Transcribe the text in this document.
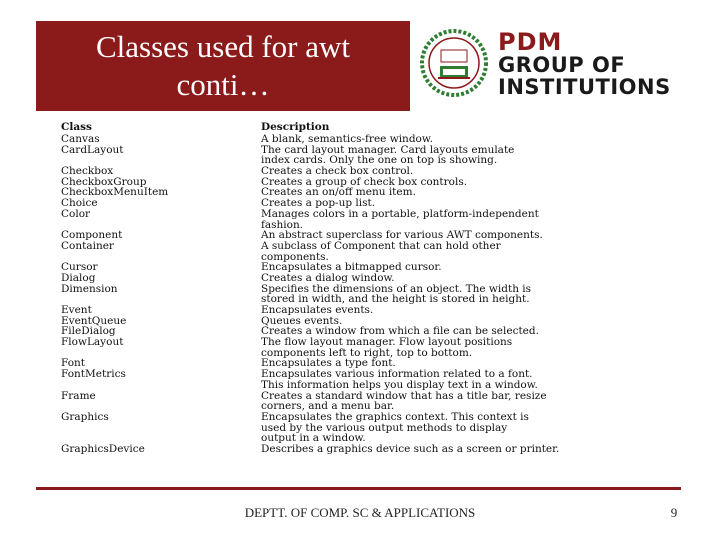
Classes used for awt
conti…
PDM
GROUP OF
INSTITUTIONS
Class	Description
Canvas	A blank, semantics-free window.
CardLayout	The card layout manager. Card layouts emulate
index cards. Only the one on top is showing.
Checkbox	Creates a check box control.
CheckboxGroup	Creates a group of check box controls.
CheckboxMenuItem	Creates an on/off menu item.
Choice	Creates a pop-up list.
Color	Manages colors in a portable, platform-independent
fashion.
Component	An abstract superclass for various AWT components.
Container	A subclass of Component that can hold other
components.
Cursor	Encapsulates a bitmapped cursor.
Dialog	Creates a dialog window.
Dimension	Specifies the dimensions of an object. The width is
stored in width, and the height is stored in height.
Event	Encapsulates events.
EventQueue	Queues events.
FileDialog	Creates a window from which a file can be selected.
FlowLayout	The flow layout manager. Flow layout positions
components left to right, top to bottom.
Font	Encapsulates a type font.
FontMetrics	Encapsulates various information related to a font.
This information helps you display text in a window.
Frame	Creates a standard window that has a title bar, resize
corners, and a menu bar.
Graphics	Encapsulates the graphics context. This context is
used by the various output methods to display
output in a window.
GraphicsDevice	Describes a graphics device such as a screen or printer.
DEPTT. OF COMP. SC & APPLICATIONS	9
